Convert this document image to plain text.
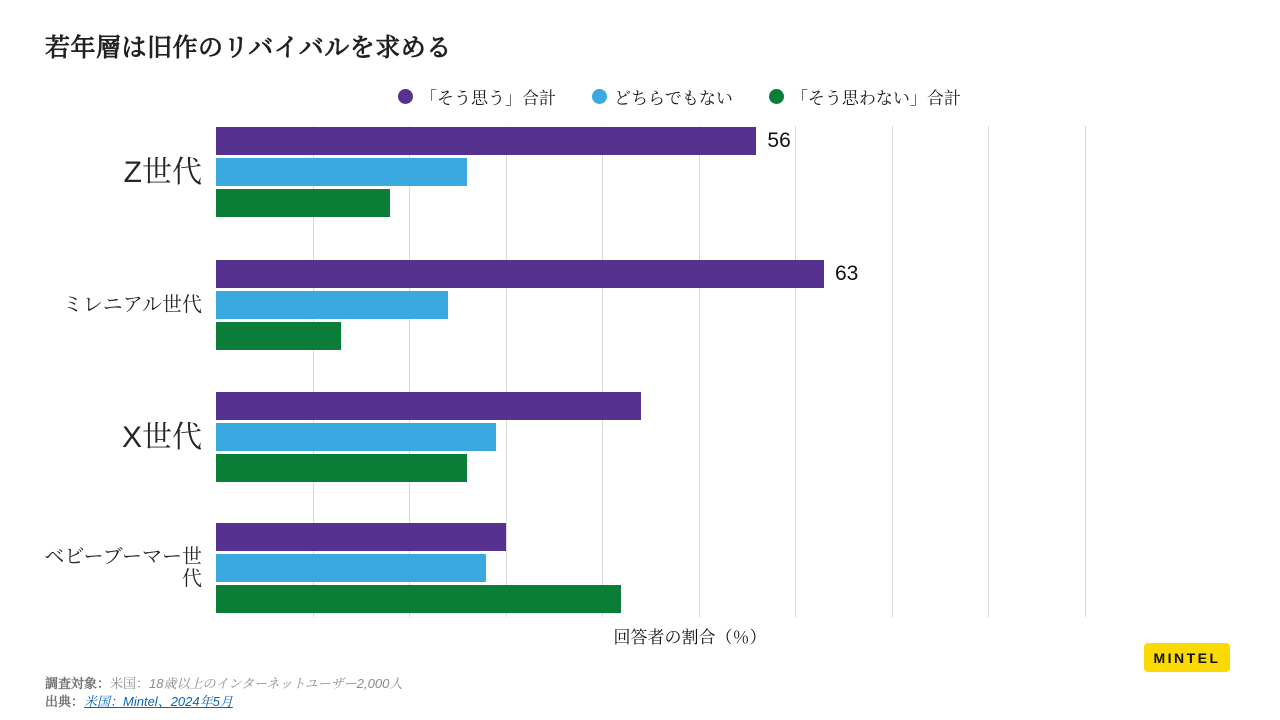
若年層は旧作のリバイバルを求める
「そう思う」合計	どちらでもない	「そう思わない」合計
Z世代
56
ミレニアル世代
63
X世代
ベビーブーマー世代
回答者の割合（％）
調査対象：米国：18歳以上のインターネットユーザー2,000人
出典：米国：Mintel、2024年5月
MINTEL
